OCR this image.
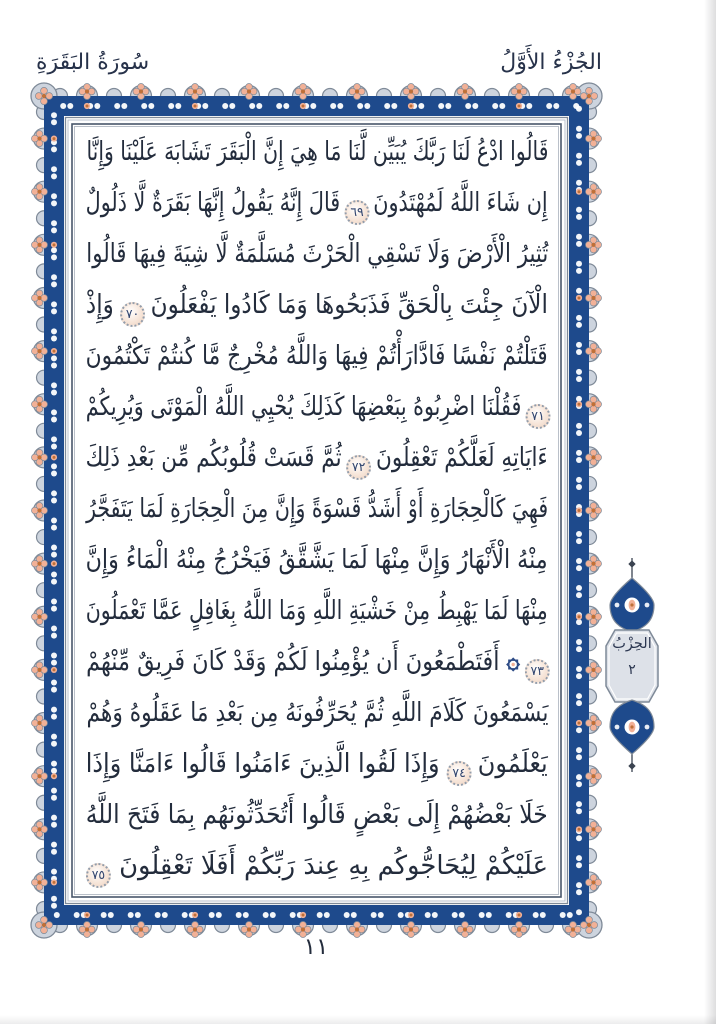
سُورَةُ البَقَرَةِ	الجُزْءُ الأَوَّلُ
قَالُوا ادْعُ لَنَا رَبَّكَ يُبَيِّن لَّنَا مَا هِيَ إِنَّ الْبَقَرَ تَشَابَهَ عَلَيْنَا وَإِنَّا
إِن شَاءَ اللَّهُ لَمُهْتَدُونَ ٦٩ قَالَ إِنَّهُ يَقُولُ إِنَّهَا بَقَرَةٌ لَّا ذَلُولٌ
تُثِيرُ الْأَرْضَ وَلَا تَسْقِي الْحَرْثَ مُسَلَّمَةٌ لَّا شِيَةَ فِيهَا قَالُوا
الْآنَ جِئْتَ بِالْحَقِّ فَذَبَحُوهَا وَمَا كَادُوا يَفْعَلُونَ ٧٠ وَإِذْ
قَتَلْتُمْ نَفْسًا فَادَّارَأْتُمْ فِيهَا وَاللَّهُ مُخْرِجٌ مَّا كُنتُمْ تَكْتُمُونَ
٧١ فَقُلْنَا اضْرِبُوهُ بِبَعْضِهَا كَذَلِكَ يُحْيِي اللَّهُ الْمَوْتَى وَيُرِيكُمْ
ءَايَاتِهِ لَعَلَّكُمْ تَعْقِلُونَ ٧٢ ثُمَّ قَسَتْ قُلُوبُكُم مِّن بَعْدِ ذَلِكَ
فَهِيَ كَالْحِجَارَةِ أَوْ أَشَدُّ قَسْوَةً وَإِنَّ مِنَ الْحِجَارَةِ لَمَا يَتَفَجَّرُ
مِنْهُ الْأَنْهَارُ وَإِنَّ مِنْهَا لَمَا يَشَّقَّقُ فَيَخْرُجُ مِنْهُ الْمَاءُ وَإِنَّ
مِنْهَا لَمَا يَهْبِطُ مِنْ خَشْيَةِ اللَّهِ وَمَا اللَّهُ بِغَافِلٍ عَمَّا تَعْمَلُونَ
٧٣  أَفَتَطْمَعُونَ أَن يُؤْمِنُوا لَكُمْ وَقَدْ كَانَ فَرِيقٌ مِّنْهُمْ
يَسْمَعُونَ كَلَامَ اللَّهِ ثُمَّ يُحَرِّفُونَهُ مِن بَعْدِ مَا عَقَلُوهُ وَهُمْ
يَعْلَمُونَ ٧٤ وَإِذَا لَقُوا الَّذِينَ ءَامَنُوا قَالُوا ءَامَنَّا وَإِذَا
خَلَا بَعْضُهُمْ إِلَى بَعْضٍ قَالُوا أَتُحَدِّثُونَهُم بِمَا فَتَحَ اللَّهُ
عَلَيْكُمْ لِيُحَاجُّوكُم بِهِ عِندَ رَبِّكُمْ أَفَلَا تَعْقِلُونَ ٧٥
الحِزْبُ
٢
١١
